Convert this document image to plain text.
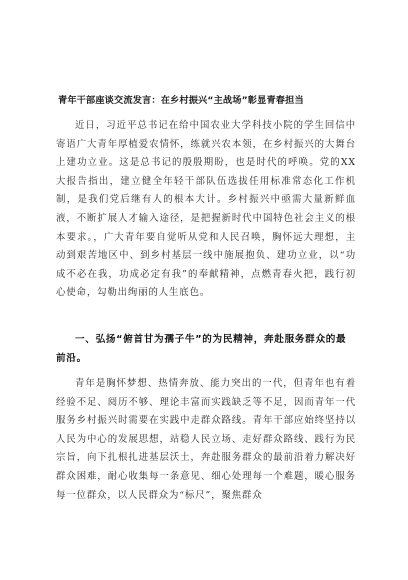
青年干部座谈交流发言：在乡村振兴“主战场”彰显青春担当

近日，习近平总书记在给中国农业大学科技小院的学生回信中寄语广大青年厚植爱农情怀，练就兴农本领，在乡村振兴的大舞台上建功立业。这是总书记的殷殷期盼，也是时代的呼唤。党的XX大报告指出，建立健全年轻干部队伍选拔任用标准常态化工作机制，是我们党后继有人的根本大计。乡村振兴中亟需大量新鲜血液，不断扩展人才输入途径，是把握新时代中国特色社会主义的根本要求。，广大青年要自觉听从党和人民召唤，胸怀远大理想，主动到艰苦地区中、到乡村基层一线中施展抱负、建功立业，以“功成不必在我，功成必定有我”的奉献精神，点燃青春火把，践行初心使命，勾勒出绚丽的人生底色。

一、弘扬“俯首甘为孺子牛”的为民精神，奔赴服务群众的最前沿。

青年是胸怀梦想、热情奔放、能力突出的一代，但青年也有着经验不足、阅历不够、理论丰富而实践缺乏等不足，因而青年一代服务乡村振兴时需要在实践中走群众路线。青年干部应始终坚持以人民为中心的发展思想，站稳人民立场、走好群众路线、践行为民宗旨，向下扎根扎进基层沃土，奔赴服务群众的最前沿着力解决好群众困难，耐心收集每一条意见、细心处理每一个难题，暖心服务每一位群众，以人民群众为“标尺”，聚焦群众
